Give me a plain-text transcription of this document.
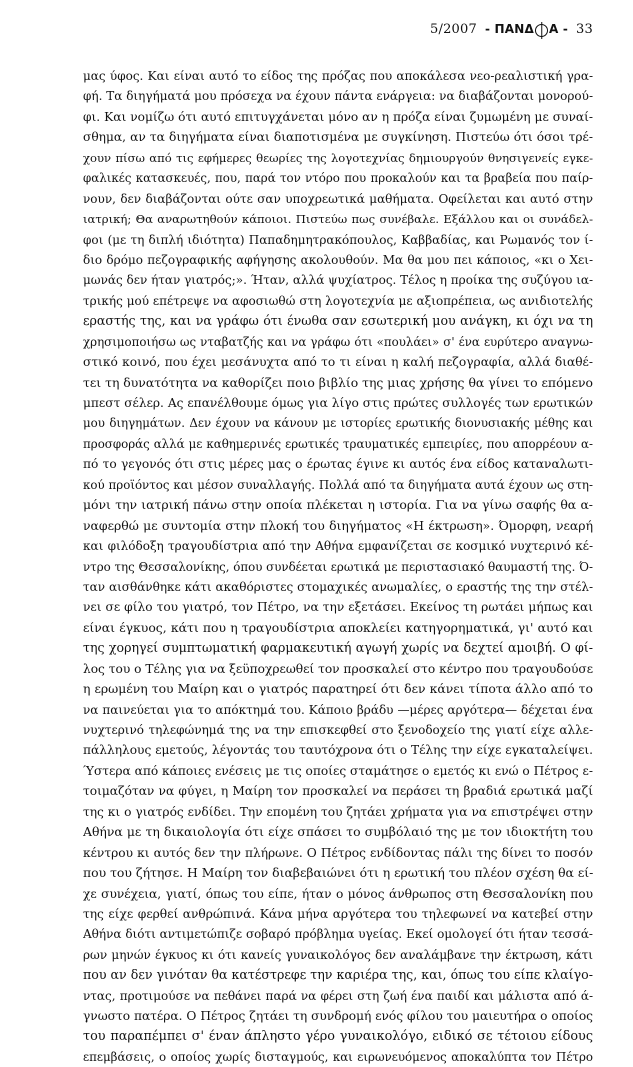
5/2007 - ΠΑΝΔ Α - 33
μας ύφος. Και είναι αυτό το είδος της πρόζας που αποκάλεσα νεο-ρεαλιστική γρα-
φή. Τα διηγήματά μου πρόσεχα να έχουν πάντα ενάργεια: να διαβάζονται μονορού-
φι. Και νομίζω ότι αυτό επιτυγχάνεται μόνο αν η πρόζα είναι ζυμωμένη με συναί-
σθημα, αν τα διηγήματα είναι διαποτισμένα με συγκίνηση. Πιστεύω ότι όσοι τρέ-
χουν πίσω από τις εφήμερες θεωρίες της λογοτεχνίας δημιουργούν θνησιγενείς εγκε-
φαλικές κατασκευές, που, παρά τον ντόρο που προκαλούν και τα βραβεία που παίρ-
νουν, δεν διαβάζονται ούτε σαν υποχρεωτικά μαθήματα. Οφείλεται και αυτό στην
ιατρική; Θα αναρωτηθούν κάποιοι. Πιστεύω πως συνέβαλε. Εξάλλου και οι συνάδελ-
φοι (με τη διπλή ιδιότητα) Παπαδημητρακόπουλος, Καββαδίας, και Ρωμανός τον ί-
διο δρόμο πεζογραφικής αφήγησης ακολουθούν. Μα θα μου πει κάποιος, «κι ο Χει-
μωνάς δεν ήταν γιατρός;». Ήταν, αλλά ψυχίατρος. Τέλος η προίκα της συζύγου ια-
τρικής μού επέτρεψε να αφοσιωθώ στη λογοτεχνία με αξιοπρέπεια, ως ανιδιοτελής
εραστής της, και να γράφω ότι ένωθα σαν εσωτερική μου ανάγκη, κι όχι να τη
χρησιμοποιήσω ως νταβατζής και να γράφω ότι «πουλάει» σ' ένα ευρύτερο αναγνω-
στικό κοινό, που έχει μεσάνυχτα από το τι είναι η καλή πεζογραφία, αλλά διαθέ-
τει τη δυνατότητα να καθορίζει ποιο βιβλίο της μιας χρήσης θα γίνει το επόμενο
μπεστ σέλερ. Ας επανέλθουμε όμως για λίγο στις πρώτες συλλογές των ερωτικών
μου διηγημάτων. Δεν έχουν να κάνουν με ιστορίες ερωτικής διονυσιακής μέθης και
προσφοράς αλλά με καθημερινές ερωτικές τραυματικές εμπειρίες, που απορρέουν α-
πό το γεγονός ότι στις μέρες μας ο έρωτας έγινε κι αυτός ένα είδος καταναλωτι-
κού προϊόντος και μέσον συναλλαγής. Πολλά από τα διηγήματα αυτά έχουν ως στη-
μόνι την ιατρική πάνω στην οποία πλέκεται η ιστορία. Για να γίνω σαφής θα α-
ναφερθώ με συντομία στην πλοκή του διηγήματος «Η έκτρωση». Όμορφη, νεαρή
και φιλόδοξη τραγουδίστρια από την Αθήνα εμφανίζεται σε κοσμικό νυχτερινό κέ-
ντρο της Θεσσαλονίκης, όπου συνδέεται ερωτικά με περιστασιακό θαυμαστή της. Ό-
ταν αισθάνθηκε κάτι ακαθόριστες στομαχικές ανωμαλίες, ο εραστής της την στέλ-
νει σε φίλο του γιατρό, τον Πέτρο, να την εξετάσει. Εκείνος τη ρωτάει μήπως και
είναι έγκυος, κάτι που η τραγουδίστρια αποκλείει κατηγορηματικά, γι' αυτό και
της χορηγεί συμπτωματική φαρμακευτική αγωγή χωρίς να δεχτεί αμοιβή. Ο φί-
λος του ο Τέλης για να ξεϋποχρεωθεί τον προσκαλεί στο κέντρο που τραγουδούσε
η ερωμένη του Μαίρη και ο γιατρός παρατηρεί ότι δεν κάνει τίποτα άλλο από το
να παινεύεται για το απόκτημά του. Κάποιο βράδυ —μέρες αργότερα— δέχεται ένα
νυχτερινό τηλεφώνημά της να την επισκεφθεί στο ξενοδοχείο της γιατί είχε αλλε-
πάλληλους εμετούς, λέγοντάς του ταυτόχρονα ότι ο Τέλης την είχε εγκαταλείψει.
Ύστερα από κάποιες ενέσεις με τις οποίες σταμάτησε ο εμετός κι ενώ ο Πέτρος ε-
τοιμαζόταν να φύγει, η Μαίρη τον προσκαλεί να περάσει τη βραδιά ερωτικά μαζί
της κι ο γιατρός ενδίδει. Την επομένη του ζητάει χρήματα για να επιστρέψει στην
Αθήνα με τη δικαιολογία ότι είχε σπάσει το συμβόλαιό της με τον ιδιοκτήτη του
κέντρου κι αυτός δεν την πλήρωνε. Ο Πέτρος ενδίδοντας πάλι της δίνει το ποσόν
που του ζήτησε. Η Μαίρη τον διαβεβαιώνει ότι η ερωτική του πλέον σχέση θα εί-
χε συνέχεια, γιατί, όπως του είπε, ήταν ο μόνος άνθρωπος στη Θεσσαλονίκη που
της είχε φερθεί ανθρώπινά. Κάνα μήνα αργότερα του τηλεφωνεί να κατεβεί στην
Αθήνα διότι αντιμετώπιζε σοβαρό πρόβλημα υγείας. Εκεί ομολογεί ότι ήταν τεσσά-
ρων μηνών έγκυος κι ότι κανείς γυναικολόγος δεν αναλάμβανε την έκτρωση, κάτι
που αν δεν γινόταν θα κατέστρεφε την καριέρα της, και, όπως του είπε κλαίγο-
ντας, προτιμούσε να πεθάνει παρά να φέρει στη ζωή ένα παιδί και μάλιστα από ά-
γνωστο πατέρα. Ο Πέτρος ζητάει τη συνδρομή ενός φίλου του μαιευτήρα ο οποίος
του παραπέμπει σ' έναν άπληστο γέρο γυναικολόγο, ειδικό σε τέτοιου είδους
επεμβάσεις, ο οποίος χωρίς δισταγμούς, και ειρωνευόμενος αποκαλύπτα τον Πέτρο
